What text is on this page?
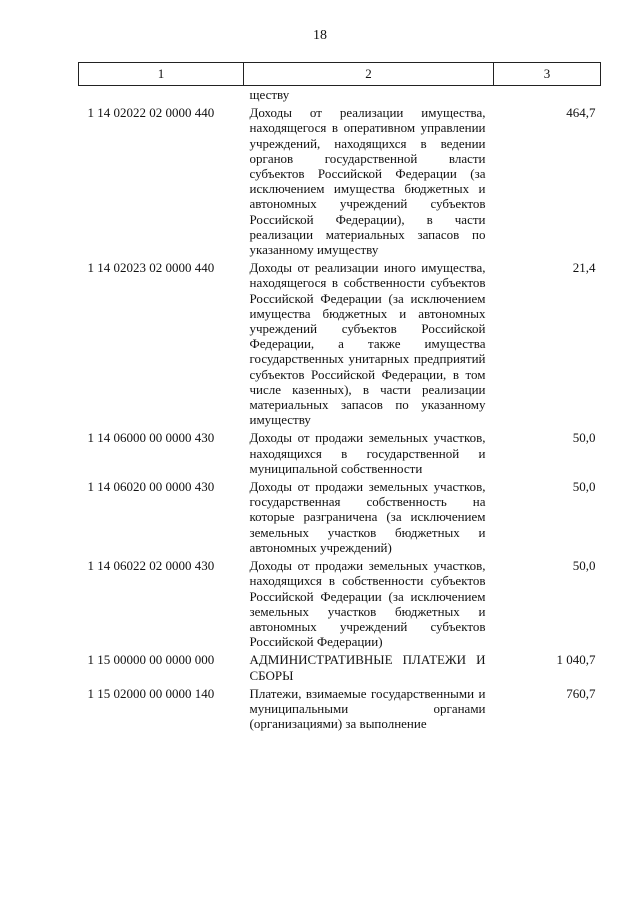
18
1	2	3
	ществу	
1 14 02022 02 0000 440	Доходы от реализации имущества, находящегося в оперативном управлении учреждений, находящихся в ведении органов государственной власти субъектов Российской Федерации (за исключением имущества бюджетных и автономных учреждений субъектов Российской Федерации), в части реализации материальных запасов по указанному имуществу	464,7
1 14 02023 02 0000 440	Доходы от реализации иного имущества, находящегося в собственности субъектов Российской Федерации (за исключением имущества бюджетных и автономных учреждений субъектов Российской Федерации, а также имущества государственных унитарных предприятий субъектов Российской Федерации, в том числе казенных), в части реализации материальных запасов по указанному имуществу	21,4
1 14 06000 00 0000 430	Доходы от продажи земельных участков, находящихся в государственной и муниципальной собственности	50,0
1 14 06020 00 0000 430	Доходы от продажи земельных участков, государственная собственность на которые разграничена (за исключением земельных участков бюджетных и автономных учреждений)	50,0
1 14 06022 02 0000 430	Доходы от продажи земельных участков, находящихся в собственности субъектов Российской Федерации (за исключением земельных участков бюджетных и автономных учреждений субъектов Российской Федерации)	50,0
1 15 00000 00 0000 000	АДМИНИСТРАТИВНЫЕ ПЛАТЕЖИ И СБОРЫ	1 040,7
1 15 02000 00 0000 140	Платежи, взимаемые государственными и муниципальными органами (организациями) за выполнение	760,7
